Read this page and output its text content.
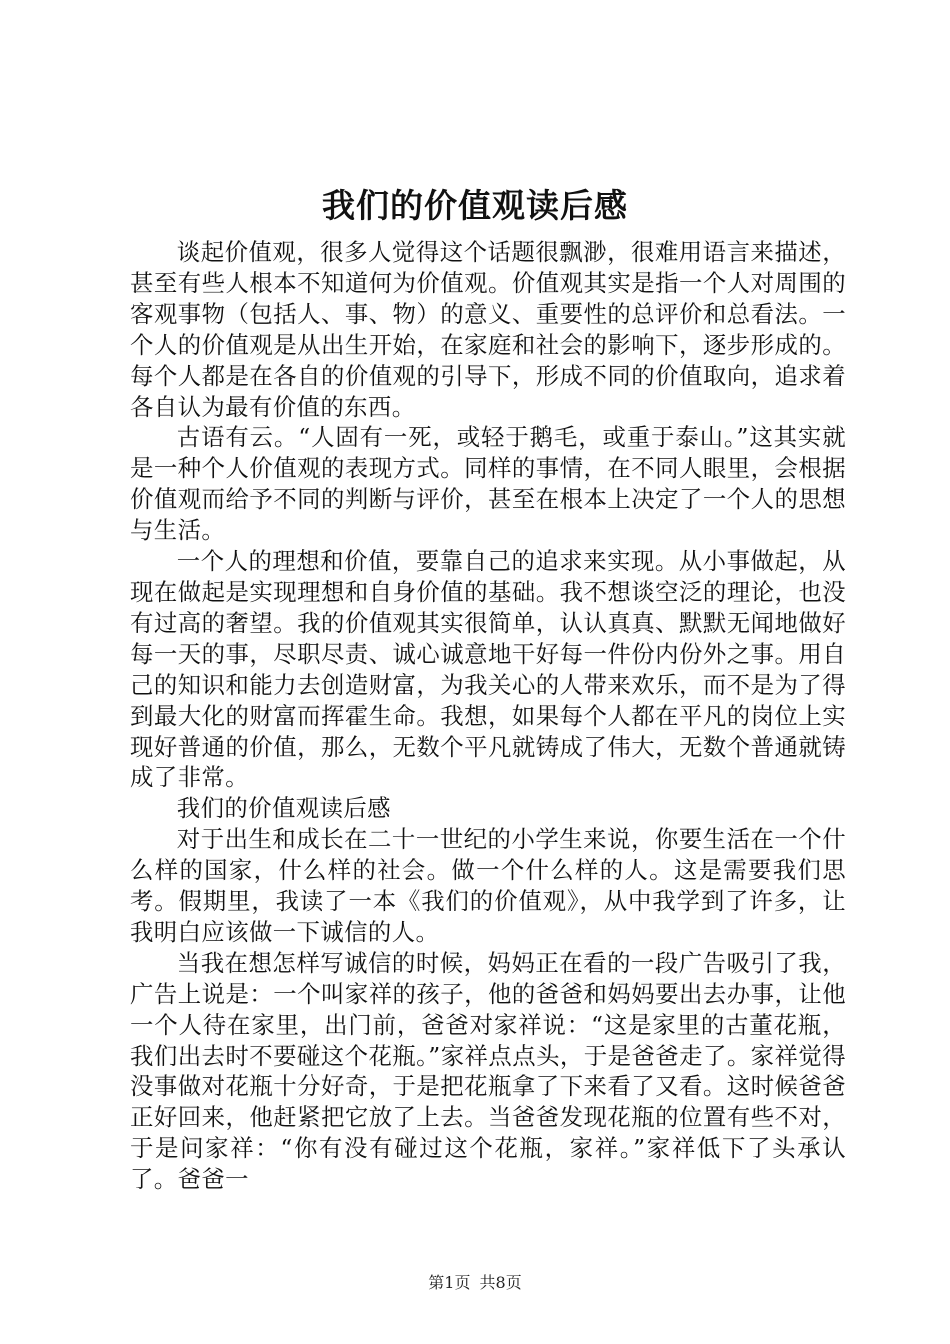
我们的价值观读后感

谈起价值观，很多人觉得这个话题很飘渺，很难用语言来描述，甚至有些人根本不知道何为价值观。价值观其实是指一个人对周围的客观事物（包括人、事、物）的意义、重要性的总评价和总看法。一个人的价值观是从出生开始，在家庭和社会的影响下，逐步形成的。每个人都是在各自的价值观的引导下，形成不同的价值取向，追求着各自认为最有价值的东西。

古语有云。“人固有一死，或轻于鹅毛，或重于泰山。”这其实就是一种个人价值观的表现方式。同样的事情，在不同人眼里，会根据价值观而给予不同的判断与评价，甚至在根本上决定了一个人的思想与生活。

一个人的理想和价值，要靠自己的追求来实现。从小事做起，从现在做起是实现理想和自身价值的基础。我不想谈空泛的理论，也没有过高的奢望。我的价值观其实很简单，认认真真、默默无闻地做好每一天的事，尽职尽责、诚心诚意地干好每一件份内份外之事。用自己的知识和能力去创造财富，为我关心的人带来欢乐，而不是为了得到最大化的财富而挥霍生命。我想，如果每个人都在平凡的岗位上实现好普通的价值，那么，无数个平凡就铸成了伟大，无数个普通就铸成了非常。

我们的价值观读后感

对于出生和成长在二十一世纪的小学生来说，你要生活在一个什么样的国家，什么样的社会。做一个什么样的人。这是需要我们思考。假期里，我读了一本《我们的价值观》，从中我学到了许多，让我明白应该做一下诚信的人。

当我在想怎样写诚信的时候，妈妈正在看的一段广告吸引了我，广告上说是：一个叫家祥的孩子，他的爸爸和妈妈要出去办事，让他一个人待在家里，出门前，爸爸对家祥说：“这是家里的古董花瓶，我们出去时不要碰这个花瓶。”家祥点点头，于是爸爸走了。家祥觉得没事做对花瓶十分好奇，于是把花瓶拿了下来看了又看。这时候爸爸正好回来，他赶紧把它放了上去。当爸爸发现花瓶的位置有些不对，于是问家祥：“你有没有碰过这个花瓶，家祥。”家祥低下了头承认了。爸爸一

第1页 共8页
